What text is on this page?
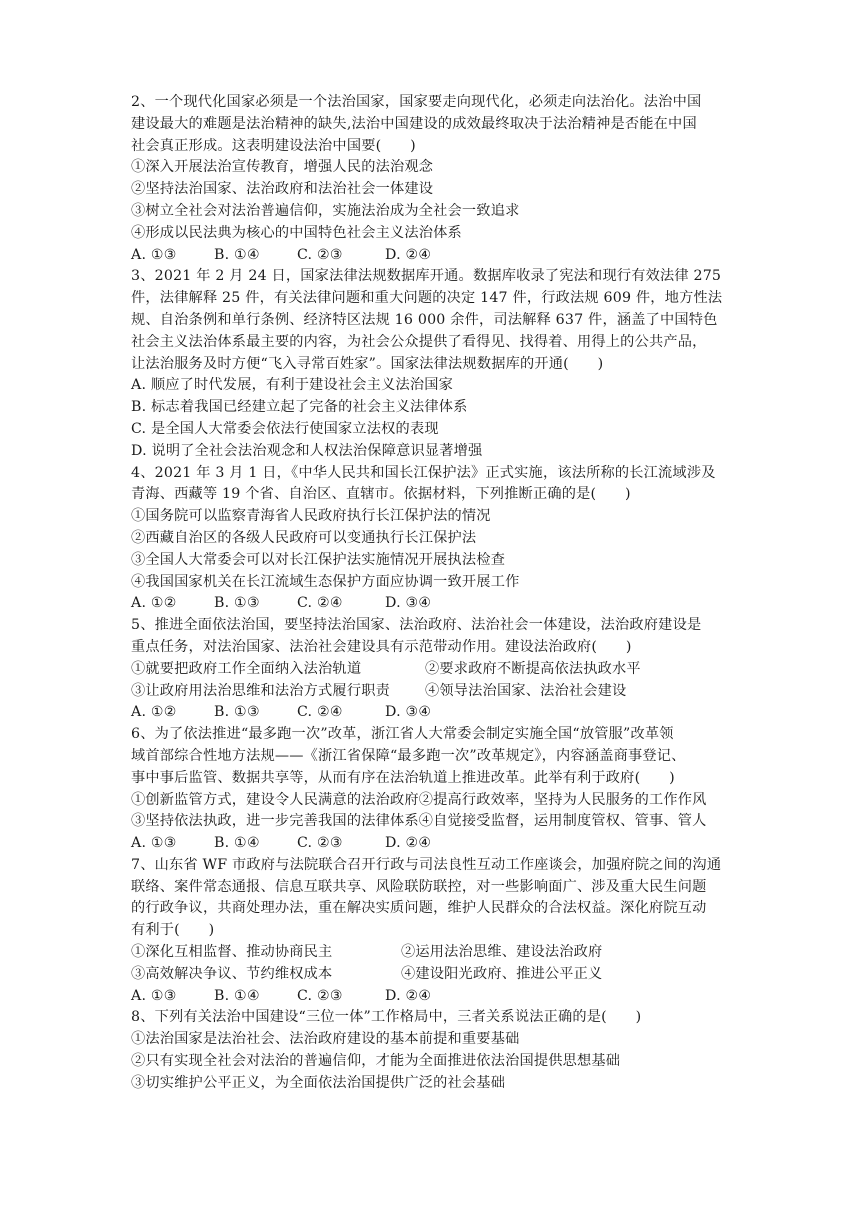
2、一个现代化国家必须是一个法治国家，国家要走向现代化，必须走向法治化。法治中国
建设最大的难题是法治精神的缺失,法治中国建设的成效最终取决于法治精神是否能在中国
社会真正形成。这表明建设法治中国要(　　)
①深入开展法治宣传教育，增强人民的法治观念
②坚持法治国家、法治政府和法治社会一体建设
③树立全社会对法治普遍信仰，实施法治成为全社会一致追求
④形成以民法典为核心的中国特色社会主义法治体系
A. ①③	B. ①④	C. ②③	D. ②④
3、2021 年 2 月 24 日，国家法律法规数据库开通。数据库收录了宪法和现行有效法律 275
件，法律解释 25 件，有关法律问题和重大问题的决定 147 件，行政法规 609 件，地方性法
规、自治条例和单行条例、经济特区法规 16 000 余件，司法解释 637 件，涵盖了中国特色
社会主义法治体系最主要的内容，为社会公众提供了看得见、找得着、用得上的公共产品，
让法治服务及时方便“飞入寻常百姓家”。国家法律法规数据库的开通(　　)
A. 顺应了时代发展，有利于建设社会主义法治国家
B. 标志着我国已经建立起了完备的社会主义法律体系
C. 是全国人大常委会依法行使国家立法权的表现
D. 说明了全社会法治观念和人权法治保障意识显著增强
4、2021 年 3 月 1 日，《中华人民共和国长江保护法》正式实施，该法所称的长江流域涉及
青海、西藏等 19 个省、自治区、直辖市。依据材料，下列推断正确的是(　　)
①国务院可以监察青海省人民政府执行长江保护法的情况
②西藏自治区的各级人民政府可以变通执行长江保护法
③全国人大常委会可以对长江保护法实施情况开展执法检查
④我国国家机关在长江流域生态保护方面应协调一致开展工作
A. ①②	B. ①③	C. ②④	D. ③④
5、推进全面依法治国，要坚持法治国家、法治政府、法治社会一体建设，法治政府建设是
重点任务，对法治国家、法治社会建设具有示范带动作用。建设法治政府(　　)
①就要把政府工作全面纳入法治轨道	②要求政府不断提高依法执政水平
③让政府用法治思维和法治方式履行职责	④领导法治国家、法治社会建设
A. ①②	B. ①③	C. ②④	D. ③④
6、为了依法推进“最多跑一次”改革，浙江省人大常委会制定实施全国“放管服”改革领
域首部综合性地方法规——《浙江省保障“最多跑一次”改革规定》，内容涵盖商事登记、
事中事后监管、数据共享等，从而有序在法治轨道上推进改革。此举有利于政府(　　)
①创新监管方式，建设令人民满意的法治政府②提高行政效率，坚持为人民服务的工作作风
③坚持依法执政，进一步完善我国的法律体系④自觉接受监督，运用制度管权、管事、管人
A. ①③	B. ①④	C. ②③	D. ②④
7、山东省 WF 市政府与法院联合召开行政与司法良性互动工作座谈会，加强府院之间的沟通
联络、案件常态通报、信息互联共享、风险联防联控，对一些影响面广、涉及重大民生问题
的行政争议，共商处理办法，重在解决实质问题，维护人民群众的合法权益。深化府院互动
有利于(　　)
①深化互相监督、推动协商民主	②运用法治思维、建设法治政府
③高效解决争议、节约维权成本	④建设阳光政府、推进公平正义
A. ①③	B. ①④	C. ②③	D. ②④
8、下列有关法治中国建设“三位一体”工作格局中，三者关系说法正确的是(　　)
①法治国家是法治社会、法治政府建设的基本前提和重要基础
②只有实现全社会对法治的普遍信仰，才能为全面推进依法治国提供思想基础
③切实维护公平正义，为全面依法治国提供广泛的社会基础
